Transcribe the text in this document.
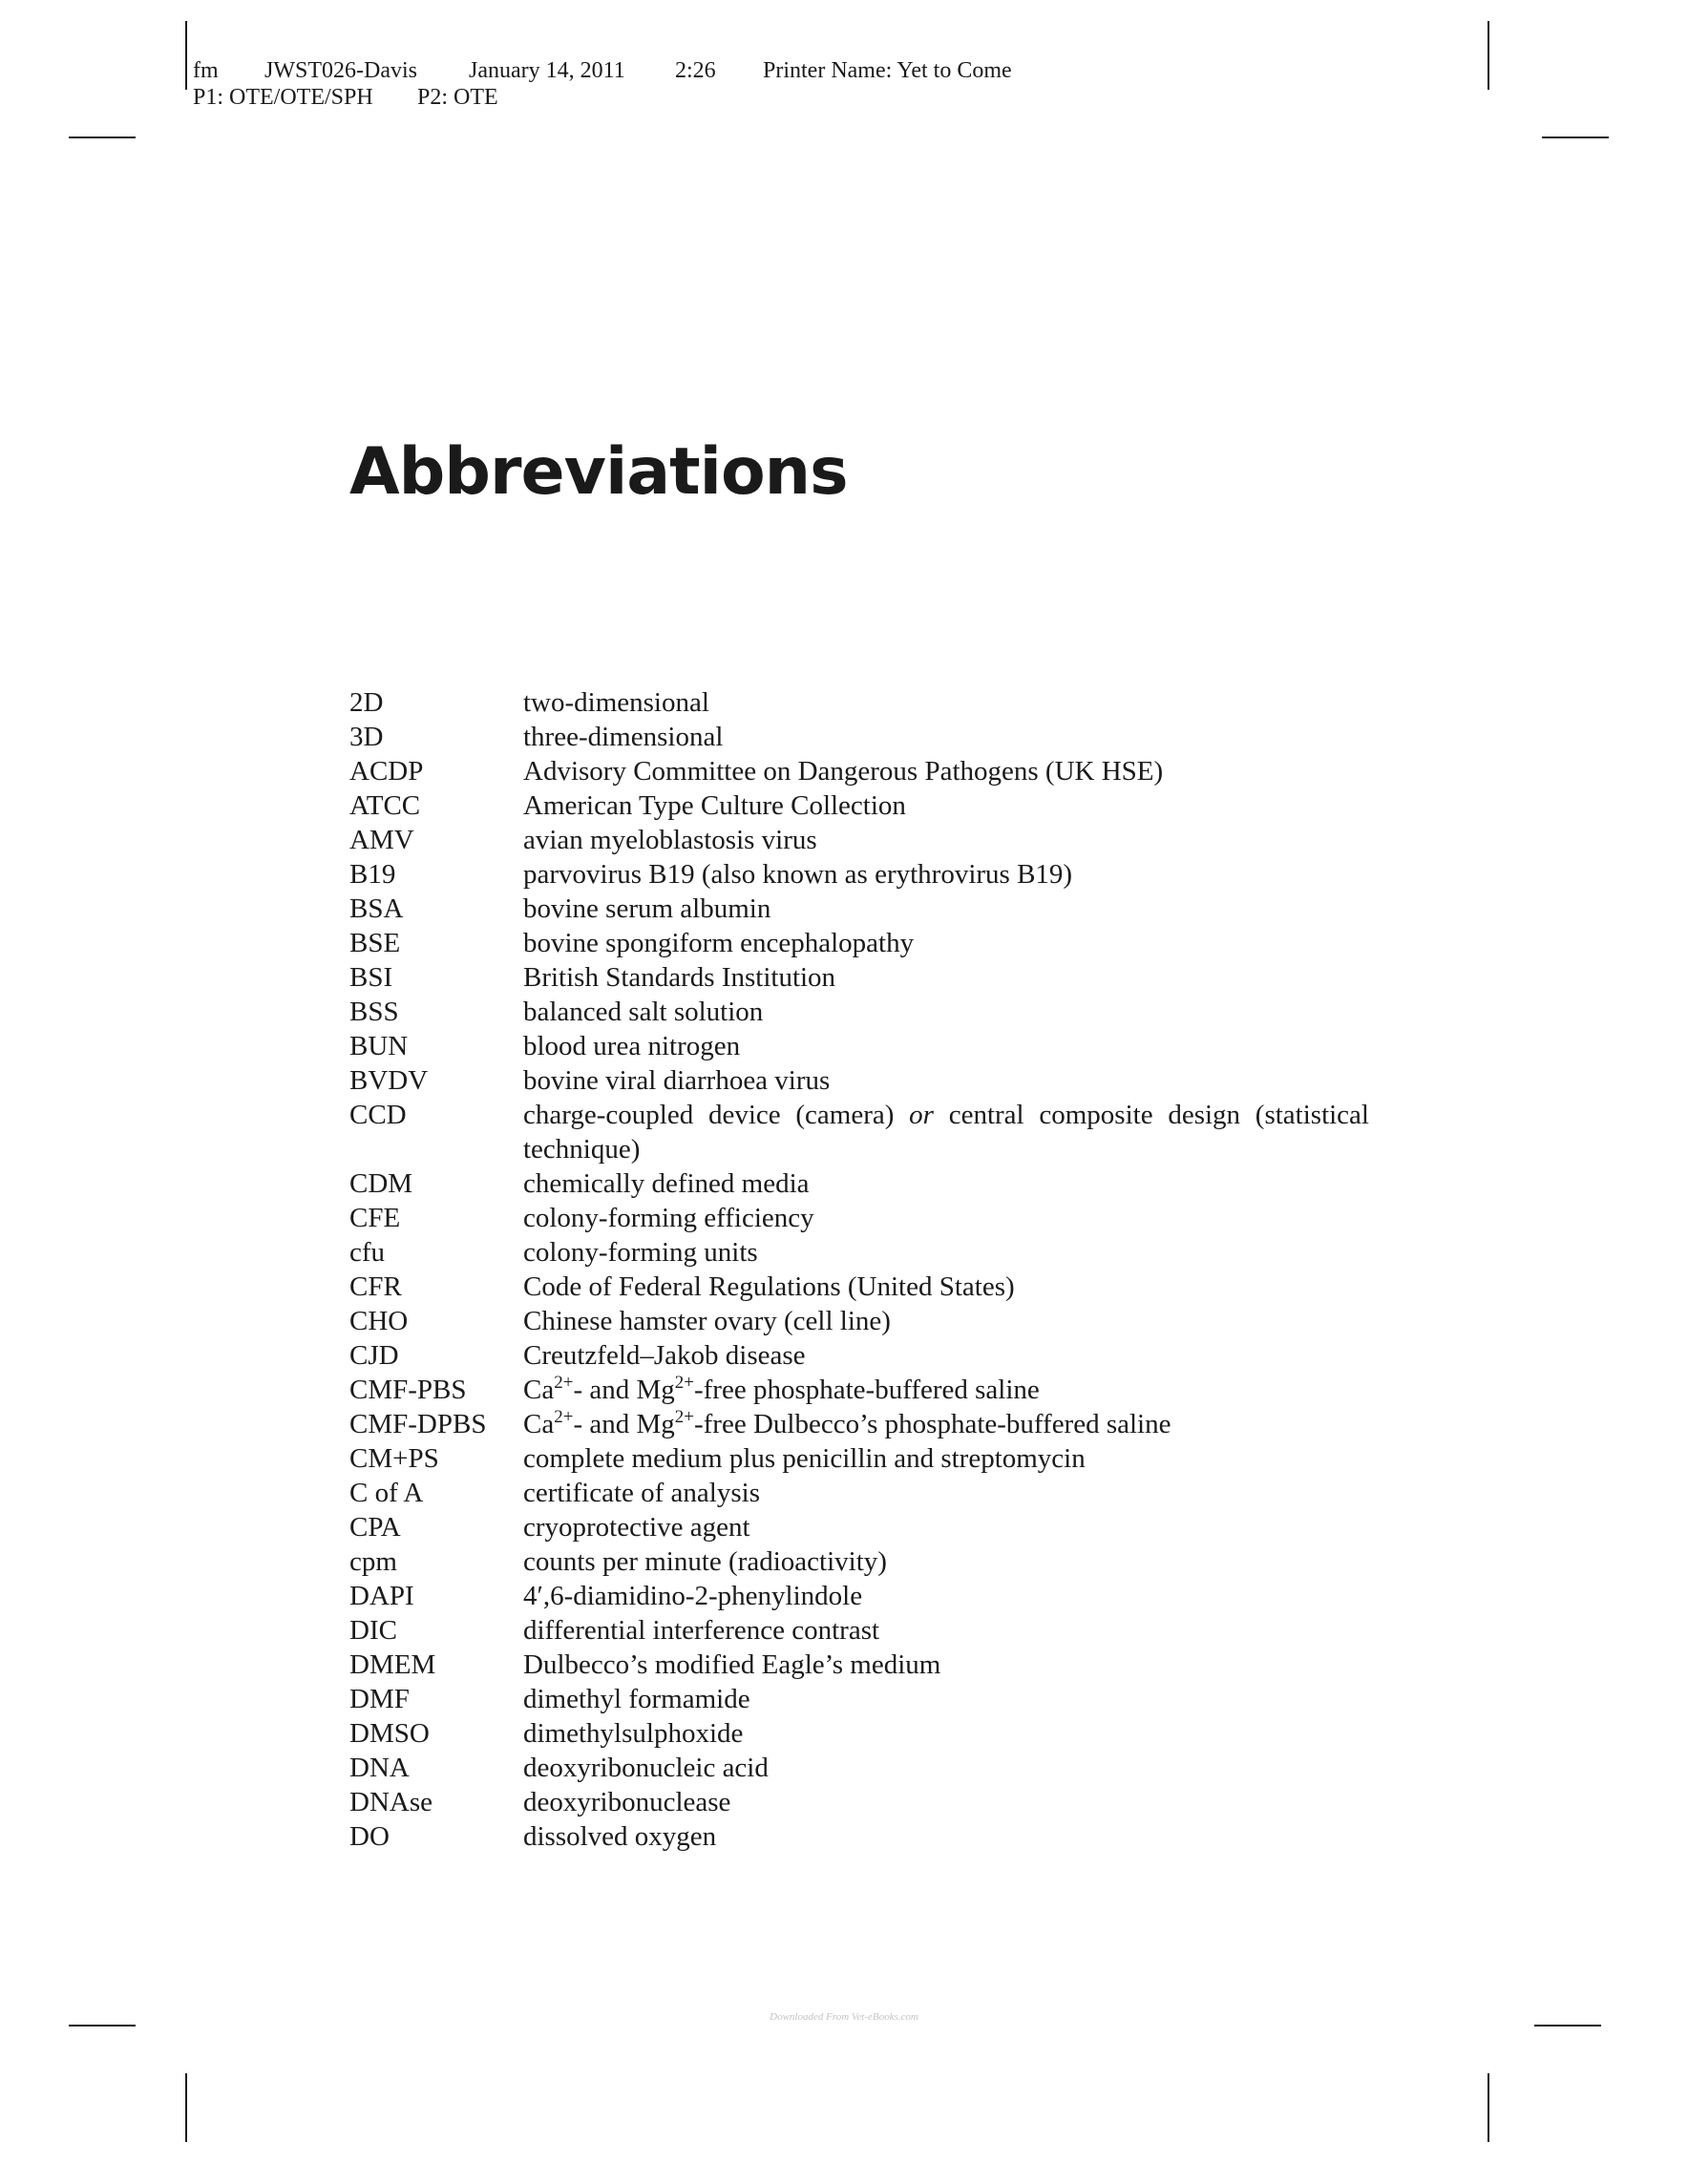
fm JWST026-Davis January 14, 2011 2:26 Printer Name: Yet to Come
P1: OTE/OTE/SPH P2: OTE
Abbreviations
2D	two-dimensional
3D	three-dimensional
ACDP	Advisory Committee on Dangerous Pathogens (UK HSE)
ATCC	American Type Culture Collection
AMV	avian myeloblastosis virus
B19	parvovirus B19 (also known as erythrovirus B19)
BSA	bovine serum albumin
BSE	bovine spongiform encephalopathy
BSI	British Standards Institution
BSS	balanced salt solution
BUN	blood urea nitrogen
BVDV	bovine viral diarrhoea virus
CCD	charge-coupled device (camera) or central composite design (statistical technique)
CDM	chemically defined media
CFE	colony-forming efficiency
cfu	colony-forming units
CFR	Code of Federal Regulations (United States)
CHO	Chinese hamster ovary (cell line)
CJD	Creutzfeld–Jakob disease
CMF-PBS	$Ca^{2+}-$ and $Mg^{2+}$-free phosphate-buffered saline
CMF-DPBS	$Ca^{2+}-$ and $Mg^{2+}$-free Dulbecco’s phosphate-buffered saline
CM+PS	complete medium plus penicillin and streptomycin
C of A	certificate of analysis
CPA	cryoprotective agent
cpm	counts per minute (radioactivity)
DAPI	4′,6-diamidino-2-phenylindole
DIC	differential interference contrast
DMEM	Dulbecco’s modified Eagle’s medium
DMF	dimethyl formamide
DMSO	dimethylsulphoxide
DNA	deoxyribonucleic acid
DNAse	deoxyribonuclease
DO	dissolved oxygen
Downloaded From Vet-eBooks.com
